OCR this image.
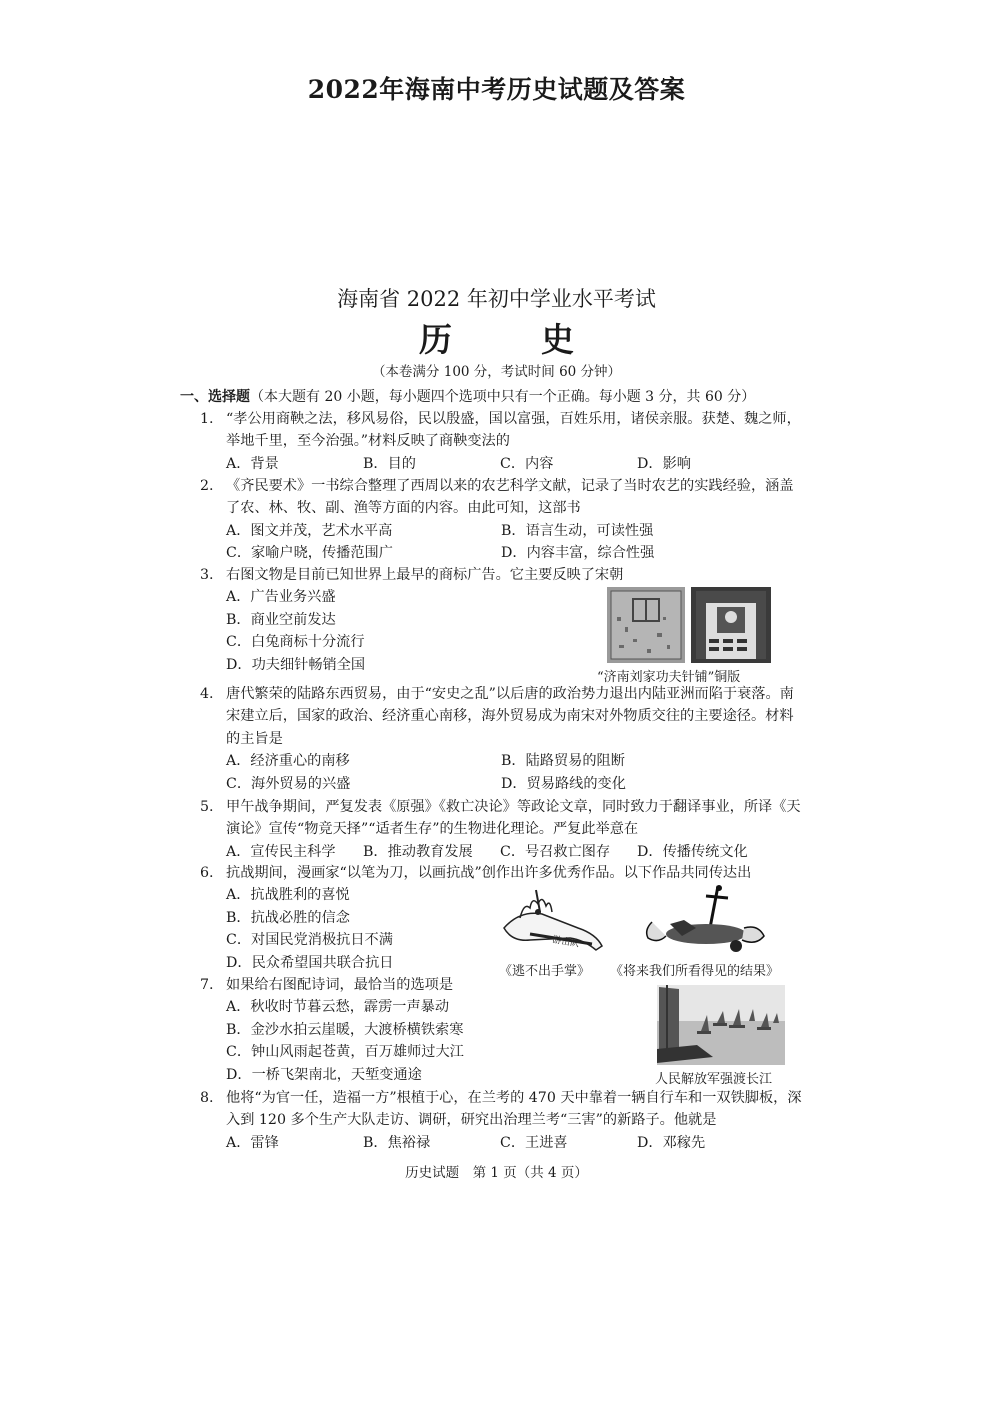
2022年海南中考历史试题及答案
海南省 2022 年初中学业水平考试
历　史
（本卷满分 100 分，考试时间 60 分钟）
一、选择题（本大题有 20 小题，每小题四个选项中只有一个正确。每小题 3 分，共 60 分）
1. “孝公用商鞅之法，移风易俗，民以殷盛，国以富强，百姓乐用，诸侯亲服。获楚、魏之师，举地千里，至今治强。”材料反映了商鞅变法的
A．背景	B．目的	C．内容	D．影响
2. 《齐民要术》一书综合整理了西周以来的农艺科学文献，记录了当时农艺的实践经验，涵盖了农、林、牧、副、渔等方面的内容。由此可知，这部书
A．图文并茂，艺术水平高	B．语言生动，可读性强C．家喻户晓，传播范围广	D．内容丰富，综合性强
3. 右图文物是目前已知世界上最早的商标广告。它主要反映了宋朝
A．广告业务兴盛
B．商业空前发达
C．白兔商标十分流行
D．功夫细针畅销全国
“济南刘家功夫针铺”铜版
4. 唐代繁荣的陆路东西贸易，由于“安史之乱”以后唐的政治势力退出内陆亚洲而陷于衰落。南宋建立后，国家的政治、经济重心南移，海外贸易成为南宋对外物质交往的主要途径。材料的主旨是
A．经济重心的南移	B．陆路贸易的阻断C．海外贸易的兴盛	D．贸易路线的变化
5. 甲午战争期间，严复发表《原强》《救亡决论》等政论文章，同时致力于翻译事业，所译《天演论》宣传“物竞天择”“适者生存”的生物进化理论。严复此举意在
A．宣传民主科学 B．推动教育发展 C．号召救亡图存 D．传播传统文化
6. 抗战期间，漫画家“以笔为刀，以画抗战”创作出许多优秀作品。以下作品共同传达出
A．抗战胜利的喜悦
B．抗战必胜的信念
C．对国民党消极抗日不满
D．民众希望国共联合抗日
游击队
《逃不出手掌》 《将来我们所看得见的结果》
7. 如果给右图配诗词，最恰当的选项是
A．秋收时节暮云愁，霹雳一声暴动
B．金沙水拍云崖暖，大渡桥横铁索寒
C．钟山风雨起苍黄，百万雄师过大江
D．一桥飞架南北，天堑变通途	人民解放军强渡长江
8. 他将“为官一任，造福一方”根植于心，在兰考的 470 天中靠着一辆自行车和一双铁脚板，深入到 120 多个生产大队走访、调研，研究出治理兰考“三害”的新路子。他就是
A．雷锋	B．焦裕禄	C．王进喜	D．邓稼先
历史试题　第 1 页（共 4 页）
